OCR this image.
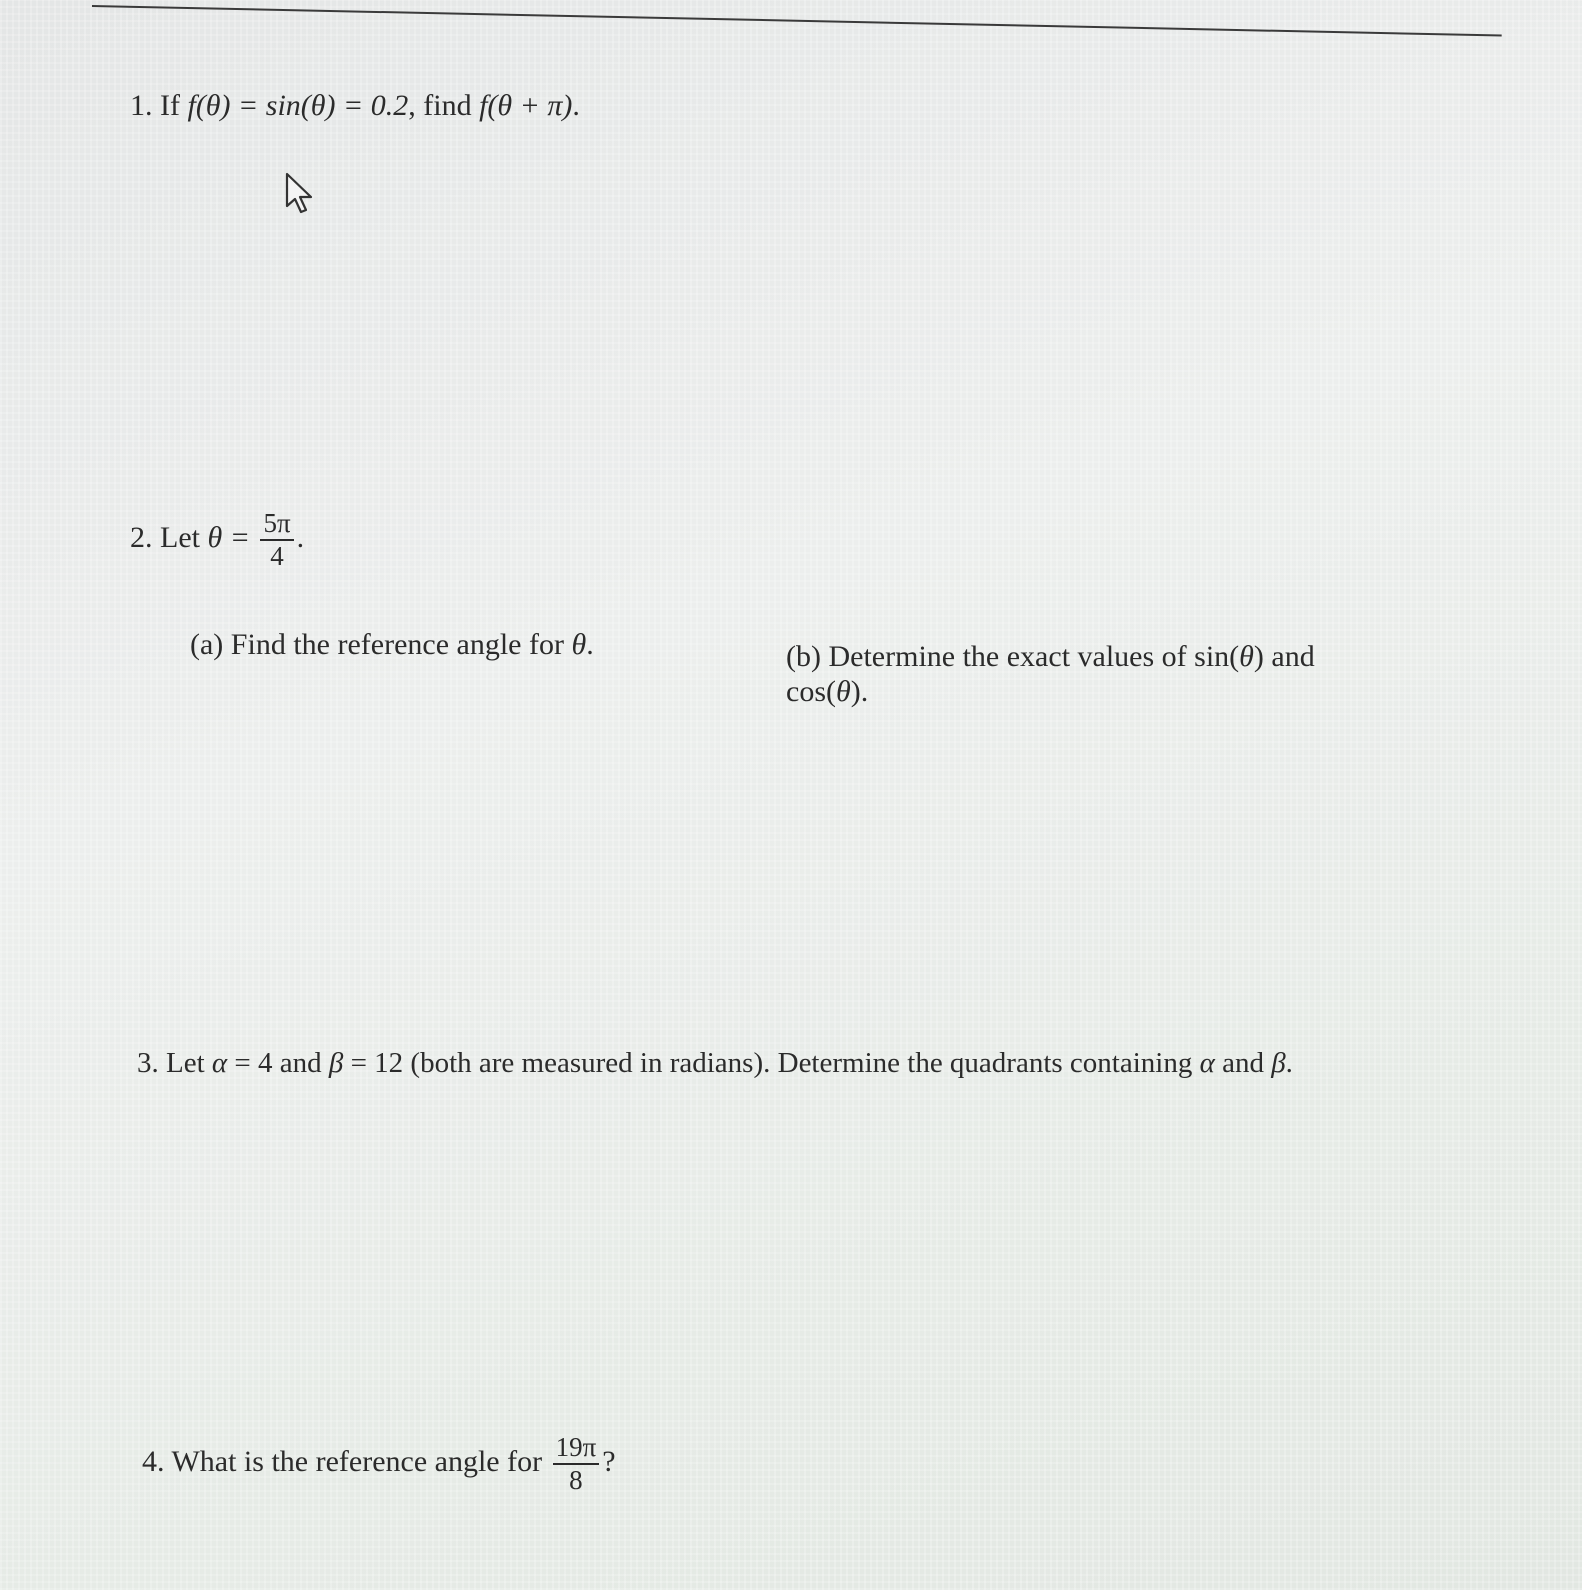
1. If f(θ) = sin(θ) = 0.2, find f(θ + π).
2. Let $\theta = \frac{5\pi}{4}$ .
(a) Find the reference angle for θ.	(b) Determine the exact values of sin(θ) and
cos(θ).
3. Let α = 4 and β = 12 (both are measured in radians). Determine the quadrants containing α and β.
4. What is the reference angle for $\frac{19\pi}{8}$ ?
